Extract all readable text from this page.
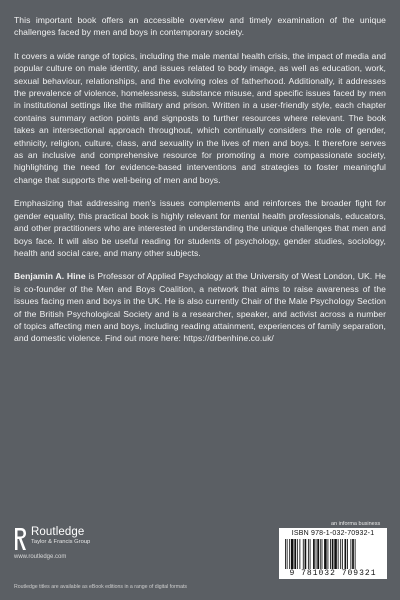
This important book offers an accessible overview and timely examination of the unique challenges faced by men and boys in contemporary society.

It covers a wide range of topics, including the male mental health crisis, the impact of media and popular culture on male identity, and issues related to body image, as well as education, work, sexual behaviour, relationships, and the evolving roles of fatherhood. Additionally, it addresses the prevalence of violence, homelessness, substance misuse, and specific issues faced by men in institutional settings like the military and prison. Written in a user-friendly style, each chapter contains summary action points and signposts to further resources where relevant. The book takes an intersectional approach throughout, which continually considers the role of gender, ethnicity, religion, culture, class, and sexuality in the lives of men and boys. It therefore serves as an inclusive and comprehensive resource for promoting a more compassionate society, highlighting the need for evidence-based interventions and strategies to foster meaningful change that supports the well-being of men and boys.

Emphasizing that addressing men's issues complements and reinforces the broader fight for gender equality, this practical book is highly relevant for mental health professionals, educators, and other practitioners who are interested in understanding the unique challenges that men and boys face. It will also be useful reading for students of psychology, gender studies, sociology, health and social care, and many other subjects.

Benjamin A. Hine is Professor of Applied Psychology at the University of West London, UK. He is co-founder of the Men and Boys Coalition, a network that aims to raise awareness of the issues facing men and boys in the UK. He is also currently Chair of the Male Psychology Section of the British Psychological Society and is a researcher, speaker, and activist across a number of topics affecting men and boys, including reading attainment, experiences of family separation, and domestic violence. Find out more here: https://drbenhine.co.uk/

Routledge
Taylor & Francis Group
www.routledge.com
an informa business
ISBN 978-1-032-70932-1
9 781032 709321
Routledge titles are available as eBook editions in a range of digital formats
